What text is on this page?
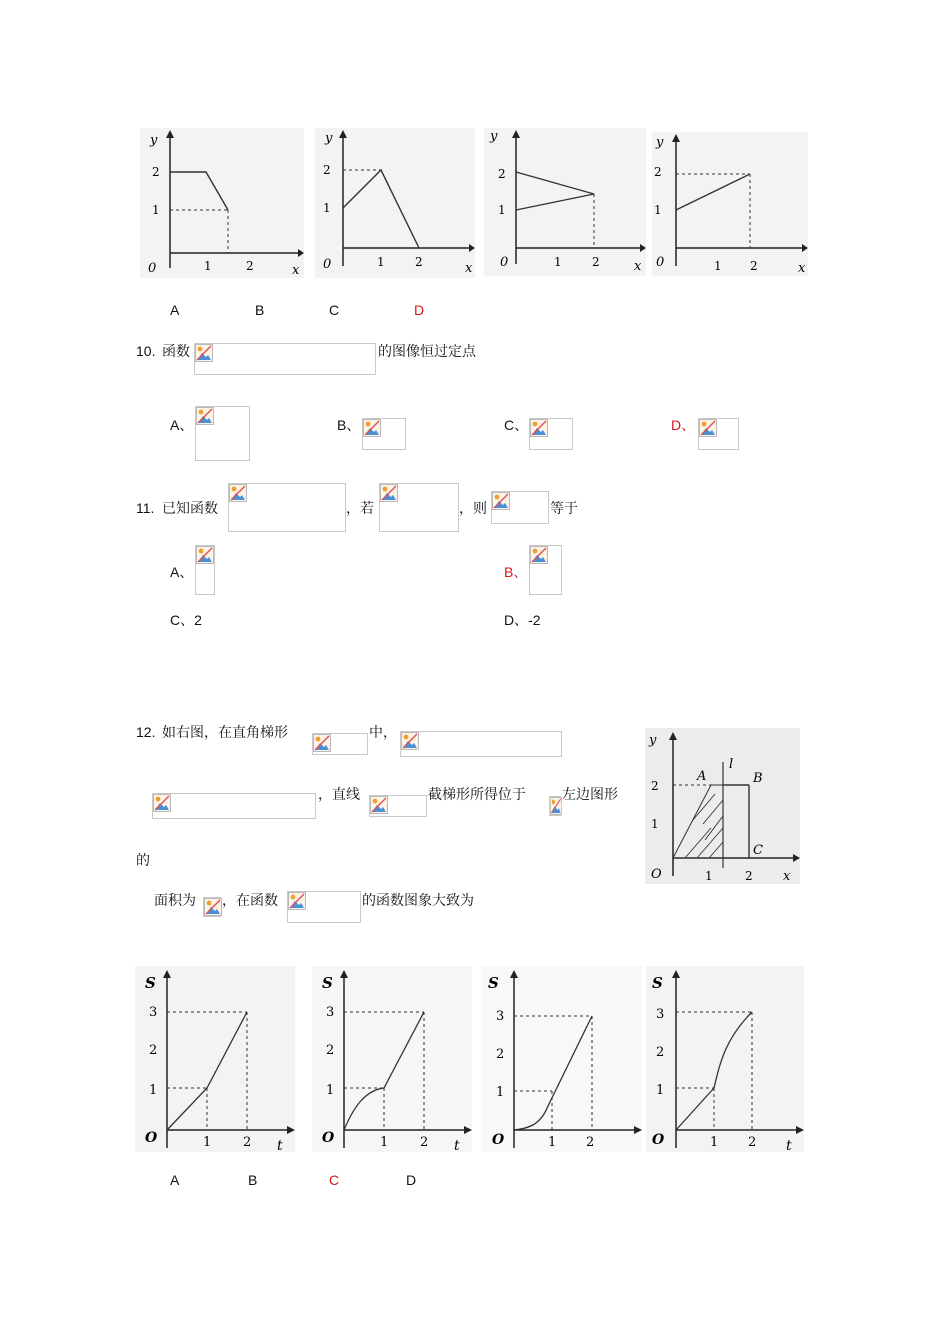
y
x
0	1	2
1
2
y
x
0	1	2
1
2
y
x
0	1	2
1
2
y
x
0	1 2
1
2
A	B	C	D
10. 函数	的图像恒过定点
A、	B、	C、	D、
11. 已知函数	，若	，则	等于
A、	B、
C、2	D、-2
12. 如右图，在直角梯形	中，
，直线	截梯形所得位于	左边图形
的
面积为 ，在函数	的函数图象大致为
y
x
O	1	2
1
2
A	B
C
l
S
t
O	1 2
1
2
3
S
t
O	1 2
1
2
3
S
O	1 2
1
2
3
S
t
O	1 2
1
2
3
A	B	C	D
